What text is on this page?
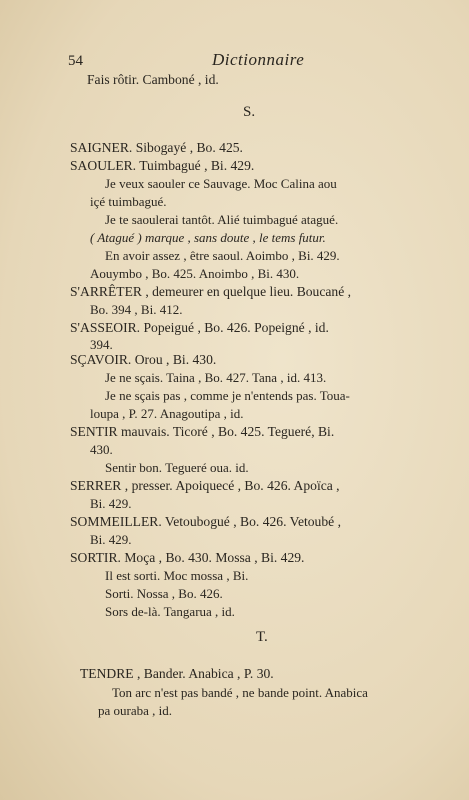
54	Dictionnaire
Fais rôtir. Camboné , id.
S.
SAIGNER. Sibogayé , Bo. 425.
SAOULER. Tuimbagué , Bi. 429.
Je veux saouler ce Sauvage. Moc Calina aou
içé tuimbagué.
Je te saoulerai tantôt. Alié tuimbagué atagué.
( Atagué ) marque , sans doute , le tems futur.
En avoir assez , être saoul. Aoimbo , Bi. 429.
Aouymbo , Bo. 425. Anoimbo , Bi. 430.
S'ARRÊTER , demeurer en quelque lieu. Boucané ,
Bo. 394 , Bi. 412.
S'ASSEOIR. Popeigué , Bo. 426. Popeigné , id.
394.
SÇAVOIR. Orou , Bi. 430.
Je ne sçais. Taina , Bo. 427. Tana , id. 413.
Je ne sçais pas , comme je n'entends pas. Toua-
loupa , P. 27. Anagoutipa , id.
SENTIR mauvais. Ticoré , Bo. 425. Tegueré, Bi.
430.
Sentir bon. Tegueré oua. id.
SERRER , presser. Apoiquecé , Bo. 426. Apoïca ,
Bi. 429.
SOMMEILLER. Vetoubogué , Bo. 426. Vetoubé ,
Bi. 429.
SORTIR. Moça , Bo. 430. Mossa , Bi. 429.
Il est sorti. Moc mossa , Bi.
Sorti. Nossa , Bo. 426.
Sors de-là. Tangarua , id.
T.
TENDRE , Bander. Anabica , P. 30.
Ton arc n'est pas bandé , ne bande point. Anabica
pa ouraba , id.
